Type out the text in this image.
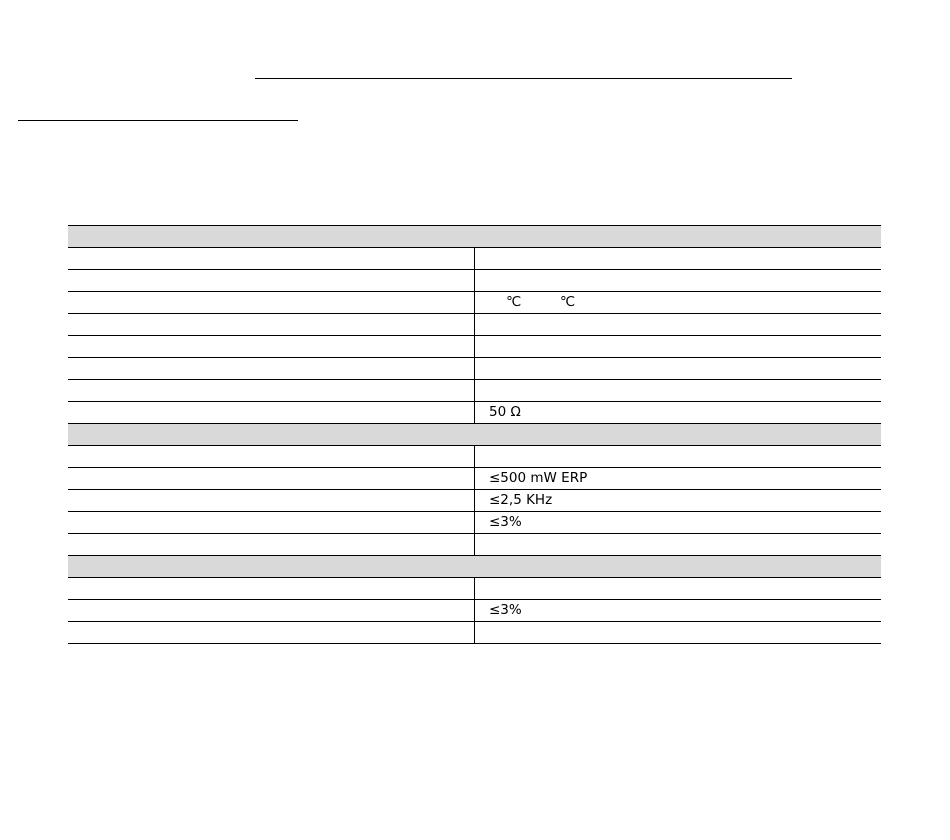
	℃         ℃

	50 Ω

	≤500 mW ERP
	≤2,5 KHz
	≤3%

	≤3%
